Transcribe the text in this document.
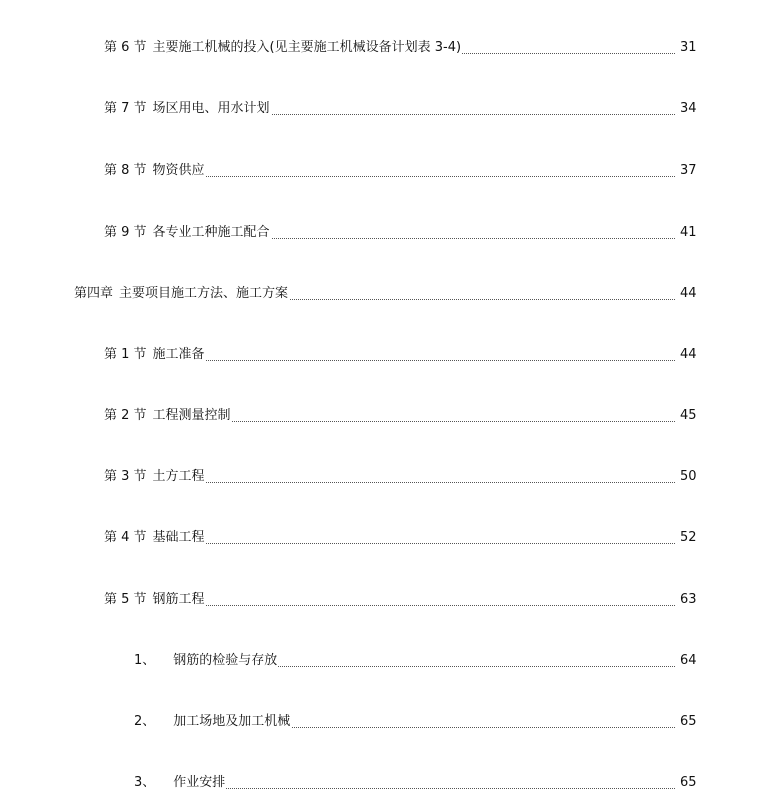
第 6 节 主要施工机械的投入(见主要施工机械设备计划表 3-4)	31
第 7 节 场区用电、用水计划	34
第 8 节 物资供应	37
第 9 节 各专业工种施工配合	41
第四章 主要项目施工方法、施工方案	44
第 1 节 施工准备	44
第 2 节 工程测量控制	45
第 3 节 土方工程	50
第 4 节 基础工程	52
第 5 节 钢筋工程	63
1、 钢筋的检验与存放	64
2、 加工场地及加工机械	65
3、 作业安排	65
